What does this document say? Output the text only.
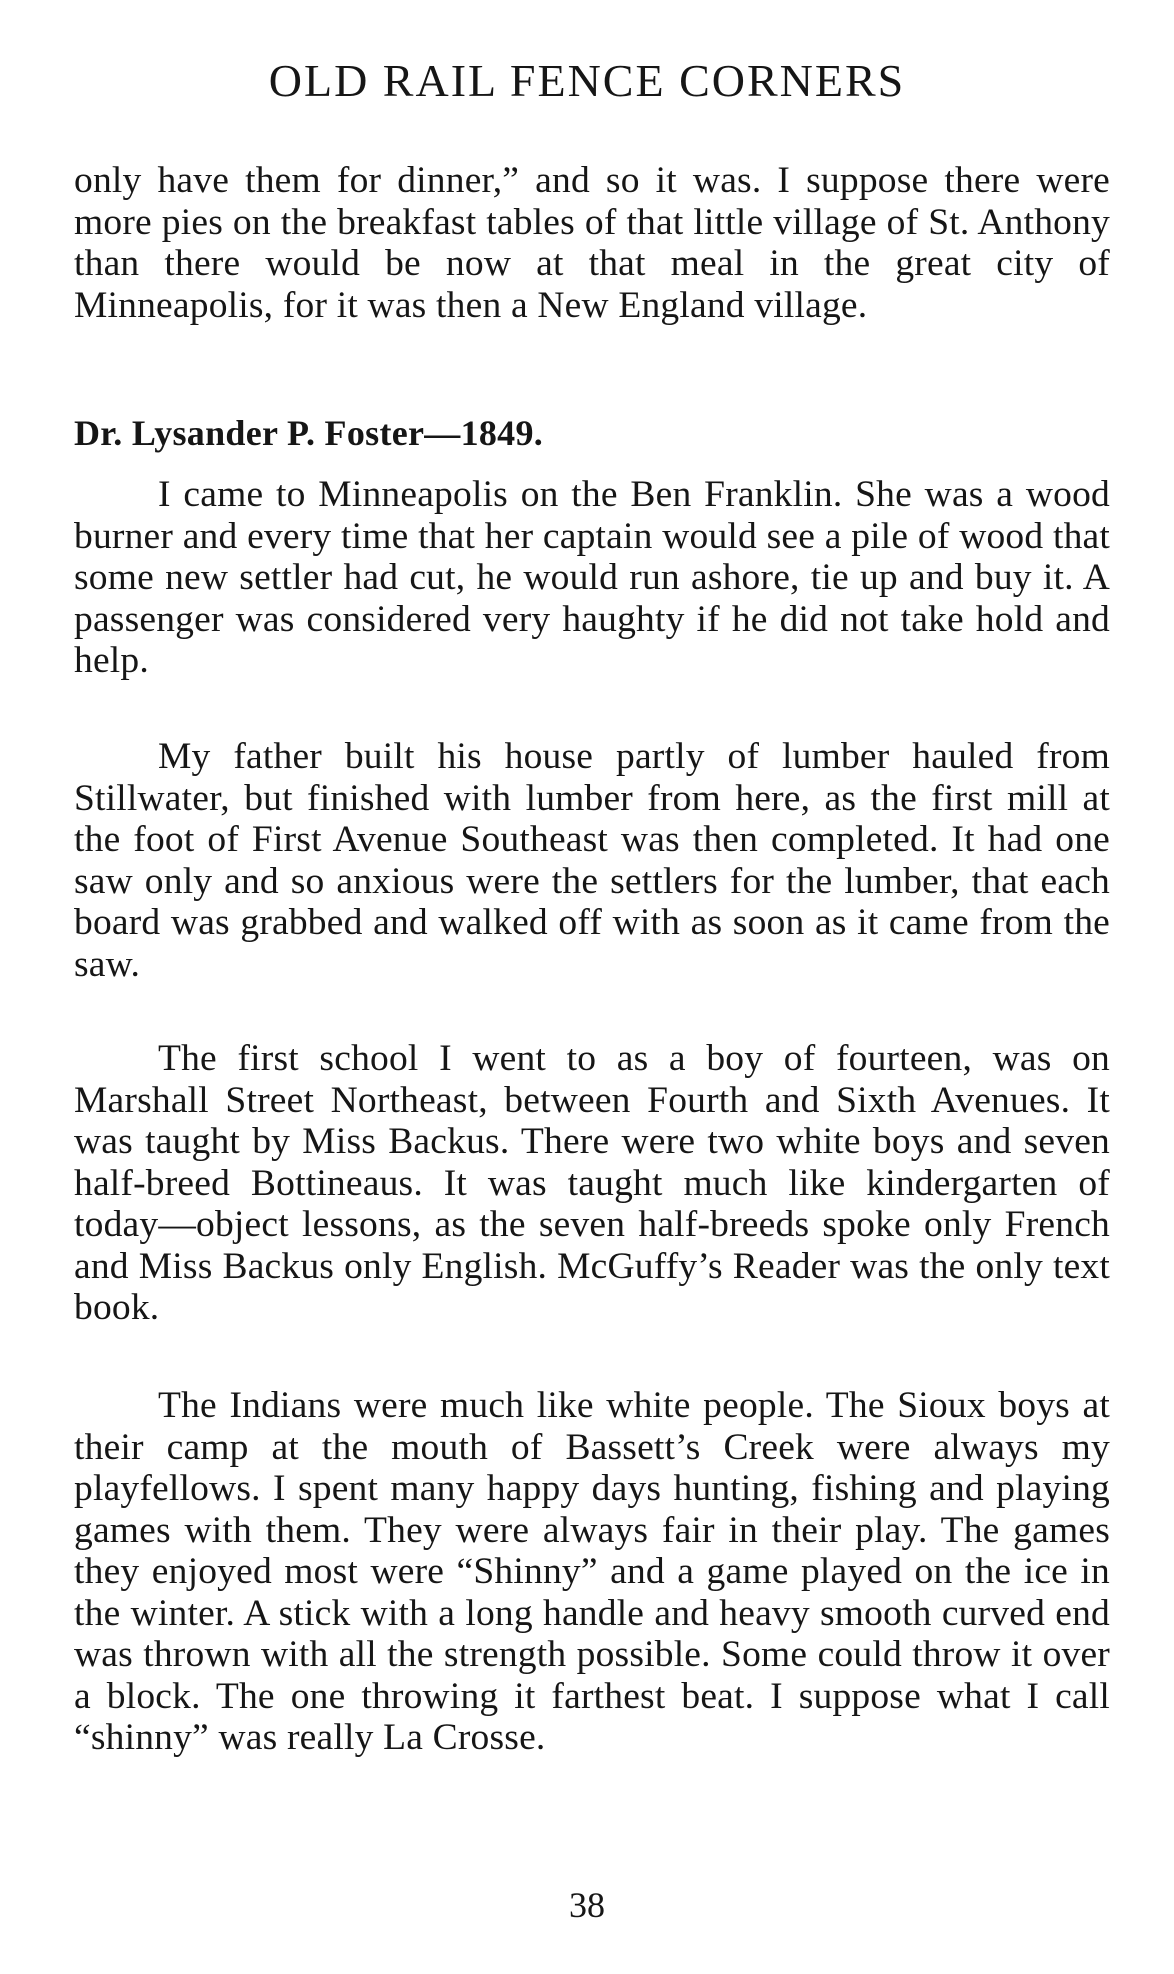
OLD RAIL FENCE CORNERS

only have them for dinner,” and so it was. I suppose there were more pies on the breakfast tables of that little village of St. Anthony than there would be now at that meal in the great city of Minneapolis, for it was then a New England village.

Dr. Lysander P. Foster—1849.

I came to Minneapolis on the Ben Franklin. She was a wood burner and every time that her captain would see a pile of wood that some new settler had cut, he would run ashore, tie up and buy it. A passenger was considered very haughty if he did not take hold and help.

My father built his house partly of lumber hauled from Stillwater, but finished with lumber from here, as the first mill at the foot of First Avenue Southeast was then completed. It had one saw only and so anxious were the settlers for the lumber, that each board was grabbed and walked off with as soon as it came from the saw.

The first school I went to as a boy of fourteen, was on Marshall Street Northeast, between Fourth and Sixth Avenues. It was taught by Miss Backus. There were two white boys and seven half-breed Bottineaus. It was taught much like kindergarten of today—object lessons, as the seven half-breeds spoke only French and Miss Backus only English. McGuffy’s Reader was the only text book.

The Indians were much like white people. The Sioux boys at their camp at the mouth of Bassett’s Creek were always my playfellows. I spent many happy days hunting, fishing and playing games with them. They were always fair in their play. The games they enjoyed most were “Shinny” and a game played on the ice in the winter. A stick with a long handle and heavy smooth curved end was thrown with all the strength possible. Some could throw it over a block. The one throwing it farthest beat. I suppose what I call “shinny” was really La Crosse.

38
